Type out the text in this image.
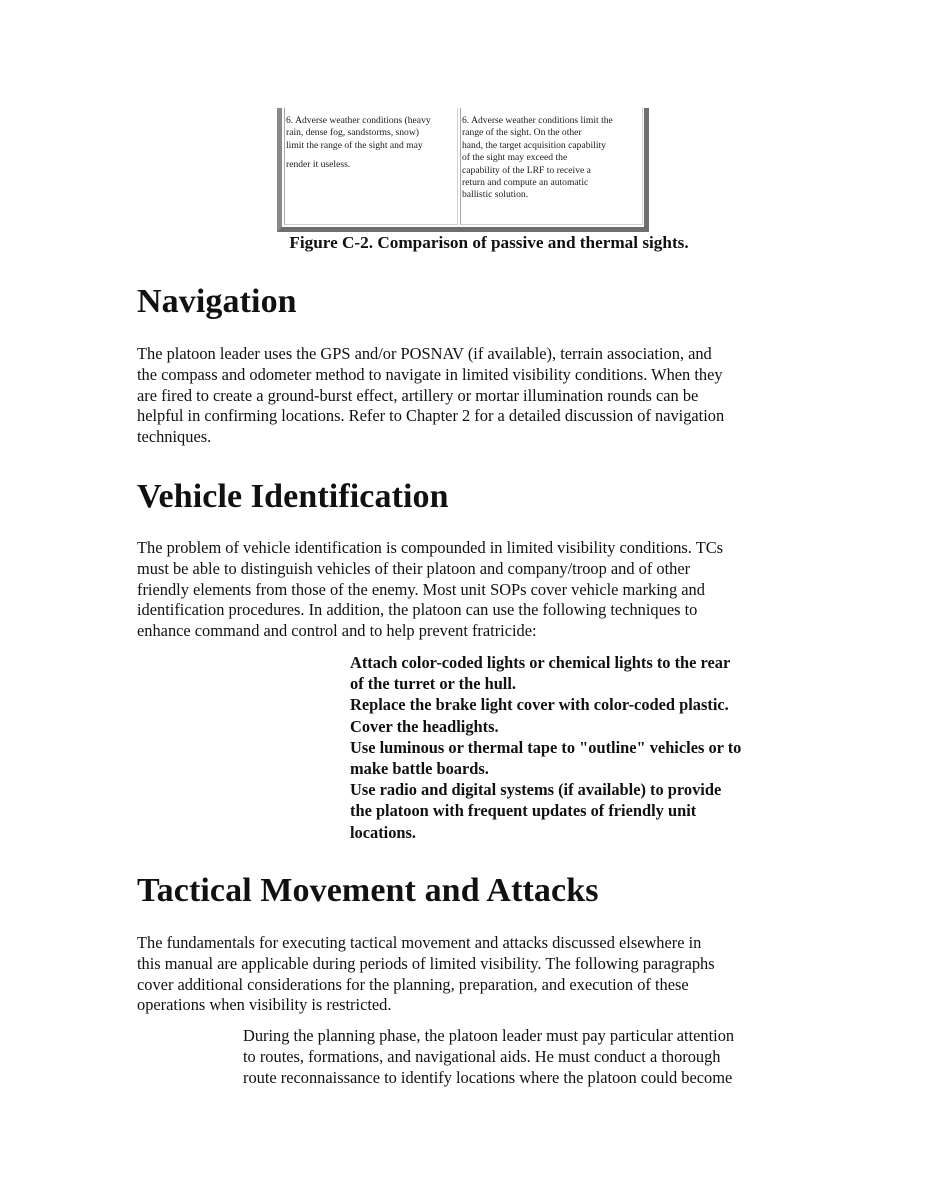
6. Adverse weather conditions (heavy
rain, dense fog, sandstorms, snow)
limit the range of the sight and may
render it useless.
6. Adverse weather conditions limit the
range of the sight. On the other
hand, the target acquisition capability
of the sight may exceed the
capability of the LRF to receive a
return and compute an automatic
ballistic solution.
Figure C-2. Comparison of passive and thermal sights.
Navigation

The platoon leader uses the GPS and/or POSNAV (if available), terrain association, and
the compass and odometer method to navigate in limited visibility conditions. When they
are fired to create a ground-burst effect, artillery or mortar illumination rounds can be
helpful in confirming locations. Refer to Chapter 2 for a detailed discussion of navigation
techniques.

Vehicle Identification

The problem of vehicle identification is compounded in limited visibility conditions. TCs
must be able to distinguish vehicles of their platoon and company/troop and of other
friendly elements from those of the enemy. Most unit SOPs cover vehicle marking and
identification procedures. In addition, the platoon can use the following techniques to
enhance command and control and to help prevent fratricide:

Attach color-coded lights or chemical lights to the rear
of the turret or the hull.
Replace the brake light cover with color-coded plastic.
Cover the headlights.
Use luminous or thermal tape to "outline" vehicles or to
make battle boards.
Use radio and digital systems (if available) to provide
the platoon with frequent updates of friendly unit
locations.
Tactical Movement and Attacks

The fundamentals for executing tactical movement and attacks discussed elsewhere in
this manual are applicable during periods of limited visibility. The following paragraphs
cover additional considerations for the planning, preparation, and execution of these
operations when visibility is restricted.

During the planning phase, the platoon leader must pay particular attention
to routes, formations, and navigational aids. He must conduct a thorough
route reconnaissance to identify locations where the platoon could become
